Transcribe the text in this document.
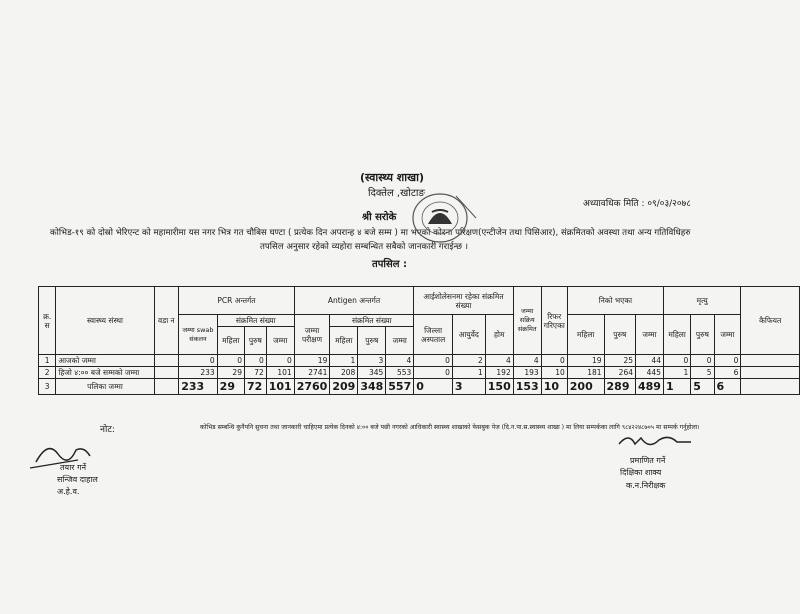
(स्वास्थ्य शाखा)
दिक्तेल ,खोटाङ
श्री सरोके
अध्यावधिक मिति : ०९/०३/२०७८
कोभिड-१९ को दोस्रो भेरिएन्ट को महामारीमा यस नगर भित्र गत चौबिस घण्टा ( प्रत्येक दिन अपरान्ह ४ बजे सम्म ) मा भएको कोरना परिक्षण(एन्टीजेन तथा पिसिआर), संक्रमितको अवस्था तथा अन्य गतिविधिहरु
तपसिल अनुसार रहेको व्यहोरा सम्बन्धित सबैको जानकारी गराईन्छ ।
तपसिल :
क्र. स	स्वास्थ्य संस्था	वडा न	PCR अन्तर्गत				Antigen अन्तर्गत				आईशोलेसनमा रहेका संक्रमित संख्या			जम्मा सक्रिय संक्रमित	रिफर गरिएका	निको भएका			मृत्यु			कैफियत
			जम्मा swab संकलन	संक्रमित संख्या			जम्मा परीक्षण	संक्रमित संख्या			जिल्ला अस्पताल	आयुर्वेद	होम			महिला	पुरुष	जम्मा	महिला	पुरुष	जम्मा	
				महिला	पुरुष	जम्मा		महिला	पुरुष	जम्मा												
1	आजको जम्मा		0	0	0	0	19	1	3	4	0	2	4	4	0	19	25	44	0	0	0	
2	हिजो ४:०० बजे सम्मको जम्मा		233	29	72	101	2741	208	345	553	0	1	192	193	10	181	264	445	1	5	6	
3	पलिका जम्मा		233	29	72	101	2760	209	348	557	0	3	150	153	10	200	289	489	1	5	6	
नोट:	कोभिड सम्बन्धि कुनैपनि सुचना तथा जानकारी चाहिएमा प्रत्येक दिनको ४:०० बजे पछी नगरको आधिकारी स्वास्थ्य शाखाको फेसबुक पेज (दि.न.पा.स.स्वास्थ्य शाखा ) मा लिया सम्पर्कका लागि ९८४२२४८७०५ मा सम्पर्क गर्नुहोला।
तयार गर्ने
सन्जिव दाहाल
अ.हे.व.
प्रमाणित गर्ने
दिक्षिका शाक्य
क.न.निरीक्षक
